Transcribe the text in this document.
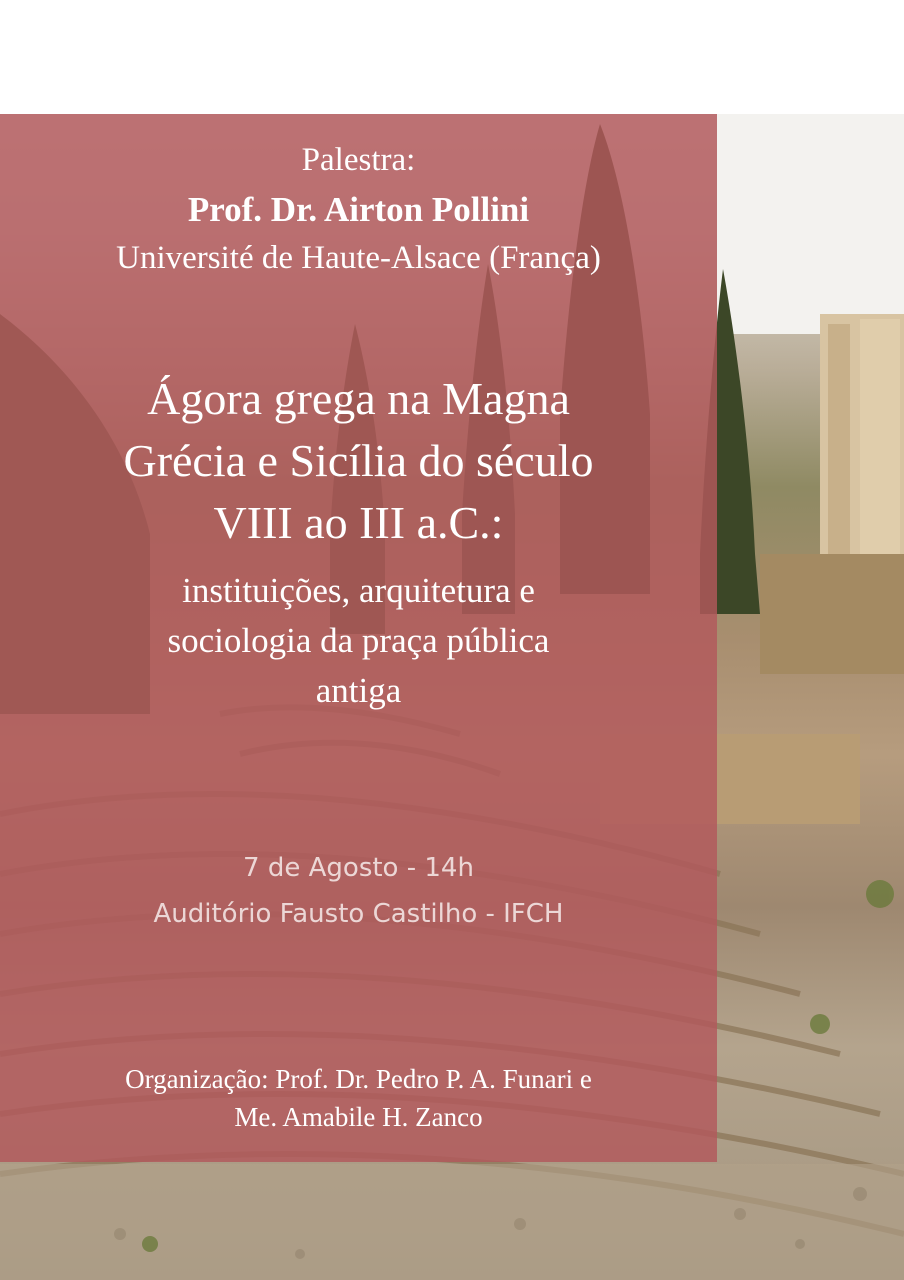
Palestra:
Prof. Dr. Airton Pollini
Université de Haute-Alsace (França)
Ágora grega na Magna
Grécia e Sicília do século
VIII ao III a.C.:
instituições, arquitetura e
sociologia da praça pública
antiga
7 de Agosto - 14h
Auditório Fausto Castilho - IFCH
Organização: Prof. Dr. Pedro P. A. Funari e
Me. Amabile H. Zanco
